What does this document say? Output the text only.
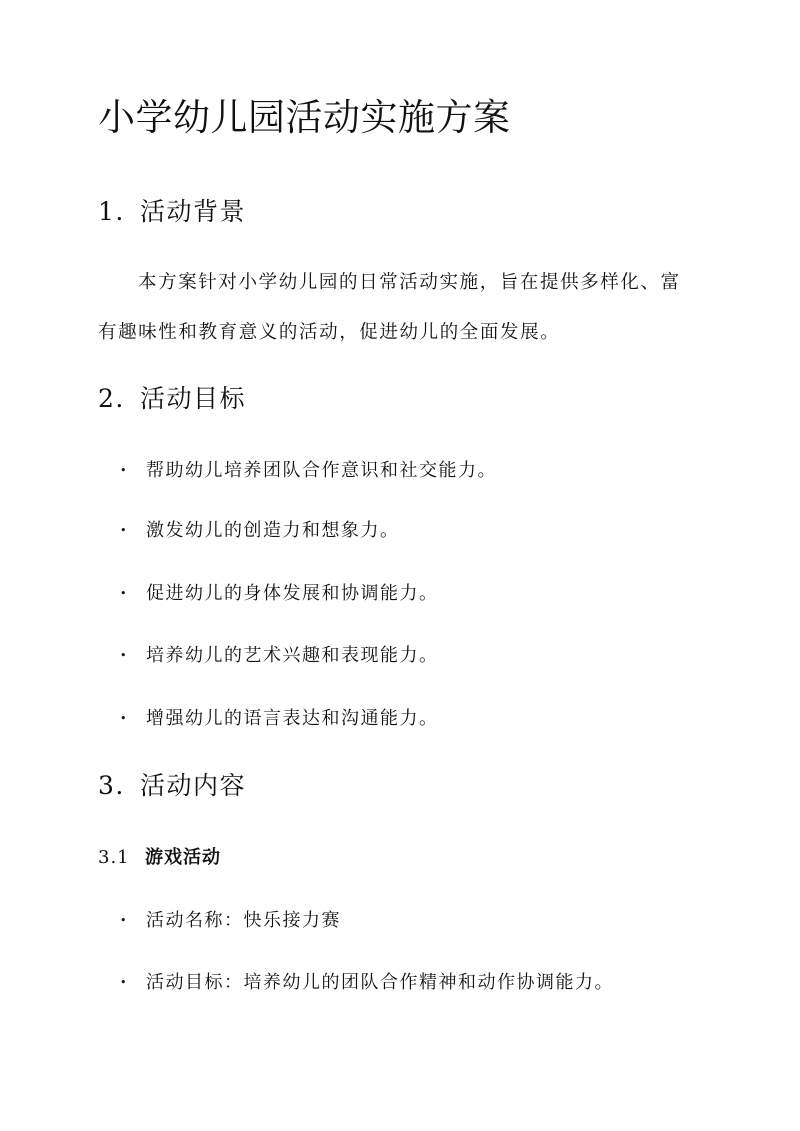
小学幼儿园活动实施方案
1. 活动背景

本方案针对小学幼儿园的日常活动实施，旨在提供多样化、富

有趣味性和教育意义的活动，促进幼儿的全面发展。

2. 活动目标
• 帮助幼儿培养团队合作意识和社交能力。
• 激发幼儿的创造力和想象力。
• 促进幼儿的身体发展和协调能力。
• 培养幼儿的艺术兴趣和表现能力。
• 增强幼儿的语言表达和沟通能力。
3. 活动内容
3.1 游戏活动
• 活动名称：快乐接力赛
• 活动目标：培养幼儿的团队合作精神和动作协调能力。
